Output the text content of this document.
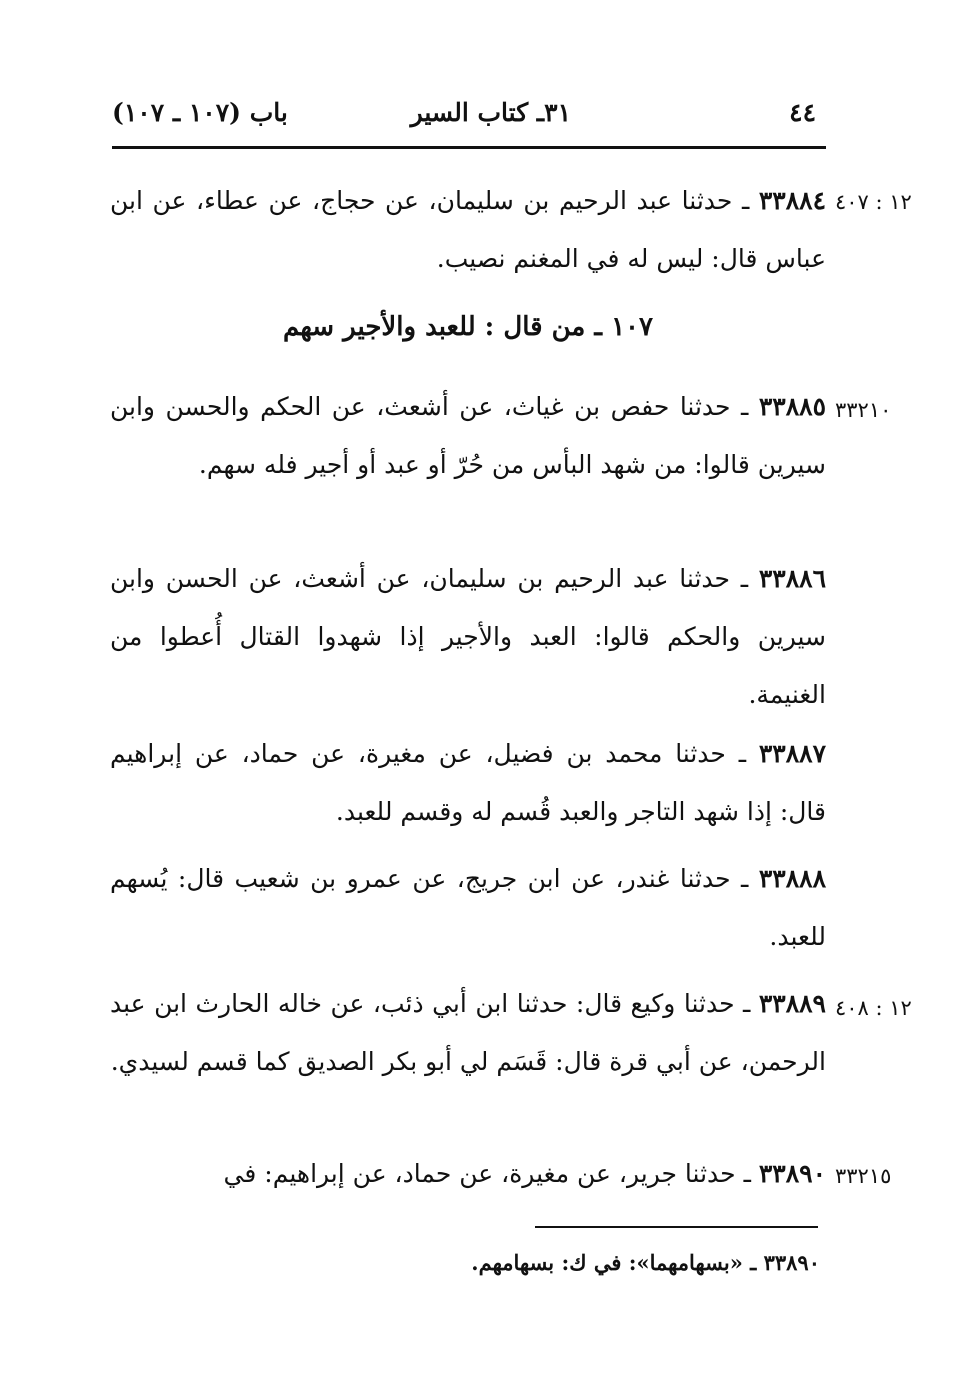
٤٤
٣١ـ كتاب السير
باب (١٠٧ ـ ١٠٧)
١٢ : ٤٠٧
٣٣٨٨٤ ـ حدثنا عبد الرحيم بن سليمان، عن حجاج، عن عطاء، عن ابن عباس قال: ليس له في المغنم نصيب.
١٠٧ ـ من قال : للعبد والأجير سهم
٣٣٢١٠
٣٣٨٨٥ ـ حدثنا حفص بن غياث، عن أشعث، عن الحكم والحسن وابن سيرين قالوا: من شهد البأس من حُرّ أو عبد أو أجير فله سهم.
٣٣٨٨٦ ـ حدثنا عبد الرحيم بن سليمان، عن أشعث، عن الحسن وابن سيرين والحكم قالوا: العبد والأجير إذا شهدوا القتال أُعطوا من الغنيمة.
٣٣٨٨٧ ـ حدثنا محمد بن فضيل، عن مغيرة، عن حماد، عن إبراهيم قال: إذا شهد التاجر والعبد قُسم له وقسم للعبد.
٣٣٨٨٨ ـ حدثنا غندر، عن ابن جريج، عن عمرو بن شعيب قال: يُسهم للعبد.
١٢ : ٤٠٨
٣٣٨٨٩ ـ حدثنا وكيع قال: حدثنا ابن أبي ذئب، عن خاله الحارث ابن عبد الرحمن، عن أبي قرة قال: قَسَم لي أبو بكر الصديق كما قسم لسيدي.
٣٣٢١٥
٣٣٨٩٠ ـ حدثنا جرير، عن مغيرة، عن حماد، عن إبراهيم: في
٣٣٨٩٠ ـ «بسهامهما»: في ك: بسهامهم.
